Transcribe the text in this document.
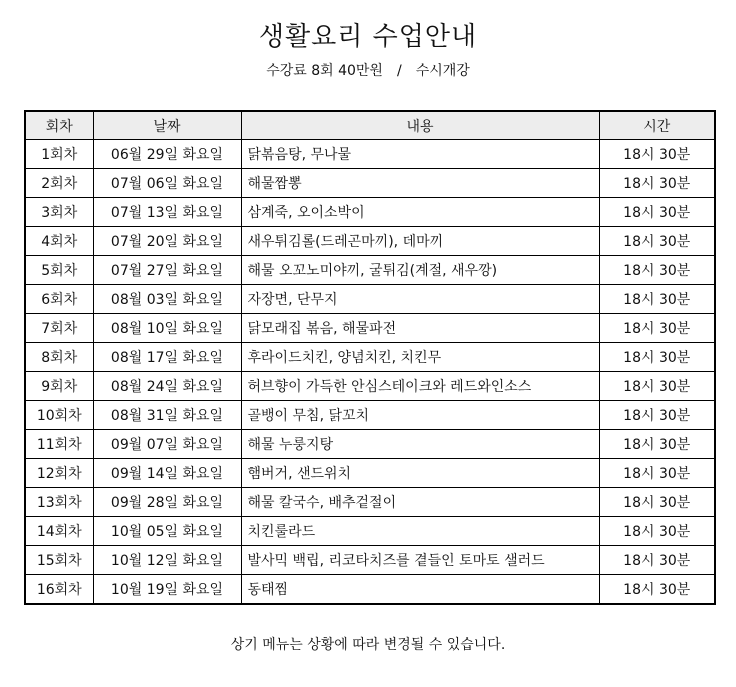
생활요리 수업안내
수강료 8회 40만원 / 수시개강
회차	날짜	내용	시간
1회차	06월 29일 화요일	닭볶음탕, 무나물	18시 30분
2회차	07월 06일 화요일	해물짬뽕	18시 30분
3회차	07월 13일 화요일	삼계죽, 오이소박이	18시 30분
4회차	07월 20일 화요일	새우튀김롤(드레곤마끼), 데마끼	18시 30분
5회차	07월 27일 화요일	해물 오꼬노미야끼, 굴튀김(계절, 새우깡)	18시 30분
6회차	08월 03일 화요일	자장면, 단무지	18시 30분
7회차	08월 10일 화요일	닭모래집 볶음, 해물파전	18시 30분
8회차	08월 17일 화요일	후라이드치킨, 양념치킨, 치킨무	18시 30분
9회차	08월 24일 화요일	허브향이 가득한 안심스테이크와 레드와인소스	18시 30분
10회차	08월 31일 화요일	골뱅이 무침, 닭꼬치	18시 30분
11회차	09월 07일 화요일	해물 누룽지탕	18시 30분
12회차	09월 14일 화요일	햄버거, 샌드위치	18시 30분
13회차	09월 28일 화요일	해물 칼국수, 배추겉절이	18시 30분
14회차	10월 05일 화요일	치킨룰라드	18시 30분
15회차	10월 12일 화요일	발사믹 백립, 리코타치즈를 곁들인 토마토 샐러드	18시 30분
16회차	10월 19일 화요일	동태찜	18시 30분
상기 메뉴는 상황에 따라 변경될 수 있습니다.
